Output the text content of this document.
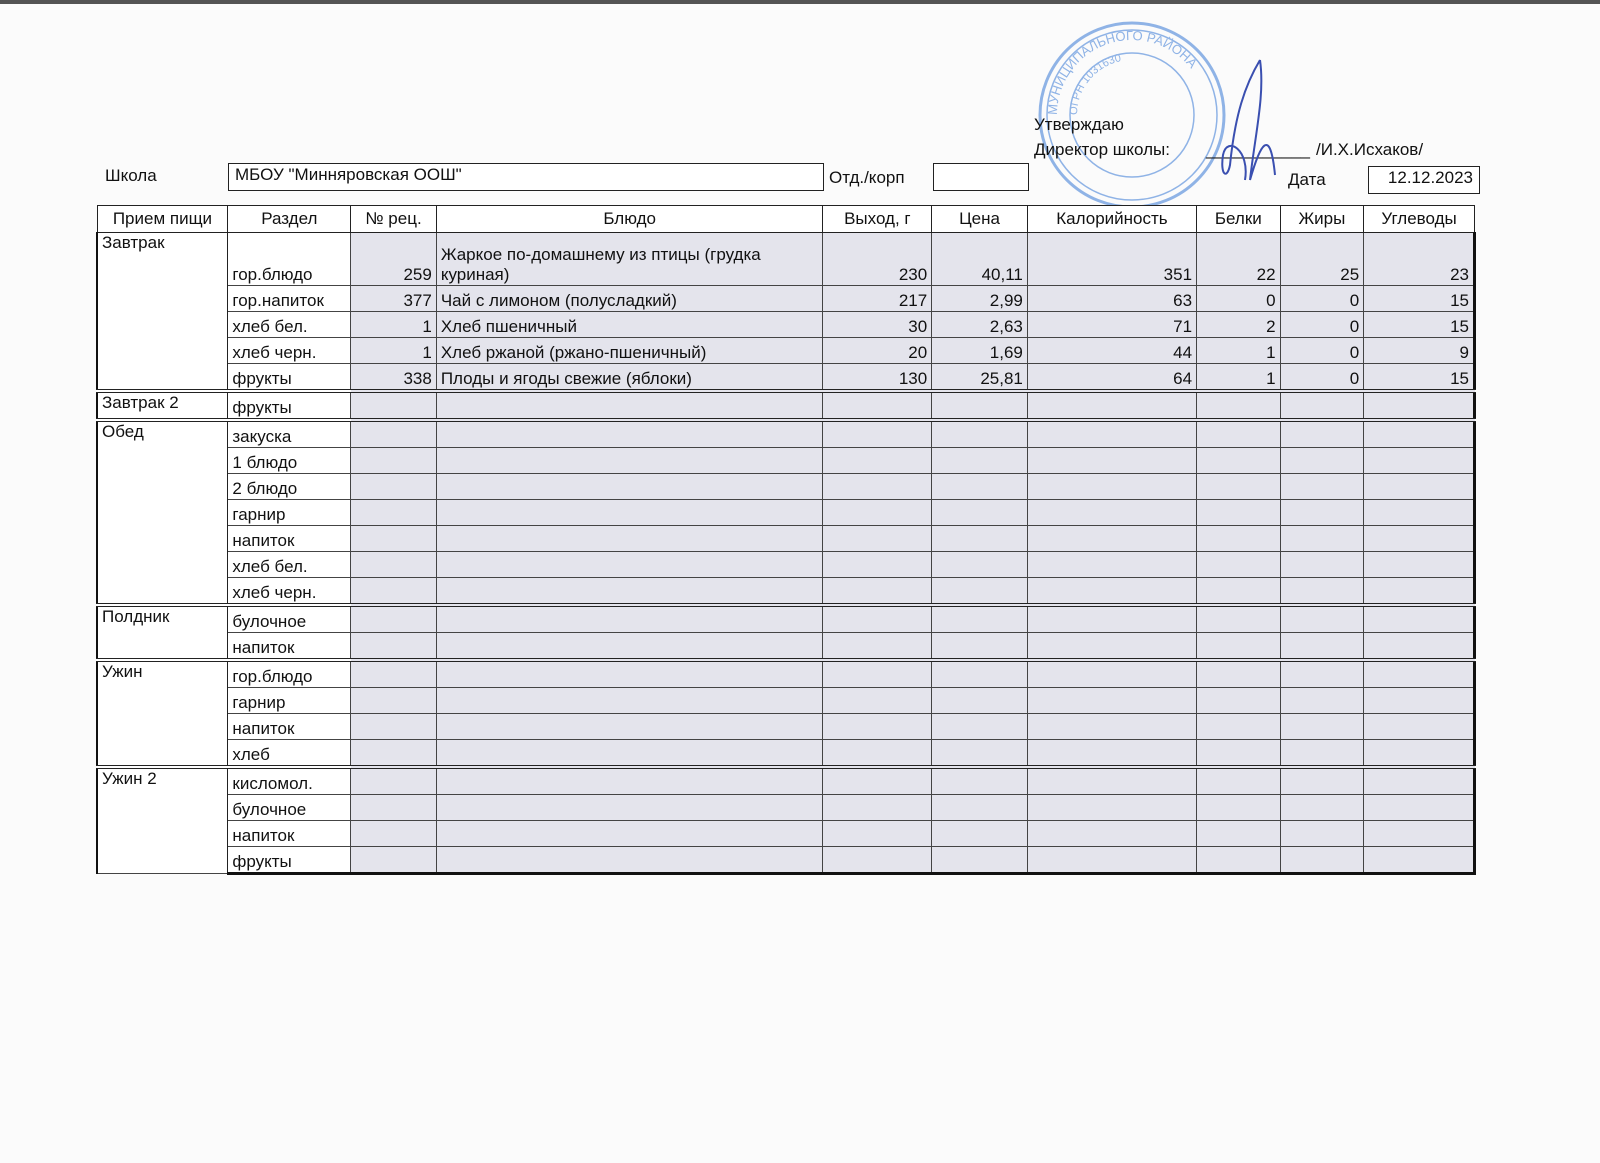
МУНИЦИПАЛЬНОГО РАЙОНА
ОГРН 1031630
Утверждаю
Директор школы: ___________ /И.Х.Исхаков/
Школа	МБОУ "Минняровская ООШ"	Отд./корп	Дата	12.12.2023
Прием пищи	Раздел	№ рец.	Блюдо	Выход, г	Цена	Калорийность	Белки	Жиры	Углеводы
Завтрак	гор.блюдо	259	Жаркое по-домашнему из птицы (грудка куриная)	230	40,11	351	22	25	23
	гор.напиток	377	Чай с лимоном (полусладкий)	217	2,99	63	0	0	15
	хлеб бел.	1	Хлеб пшеничный	30	2,63	71	2	0	15
	хлеб черн.	1	Хлеб ржаной (ржано-пшеничный)	20	1,69	44	1	0	9
	фрукты	338	Плоды и ягоды свежие (яблоки)	130	25,81	64	1	0	15
Завтрак 2	фрукты								
Обед	закуска								
	1 блюдо								
	2 блюдо								
	гарнир								
	напиток								
	хлеб бел.								
	хлеб черн.								
Полдник	булочное								
	напиток								
Ужин	гор.блюдо								
	гарнир								
	напиток								
	хлеб								
Ужин 2	кисломол.								
	булочное								
	напиток								
	фрукты								
